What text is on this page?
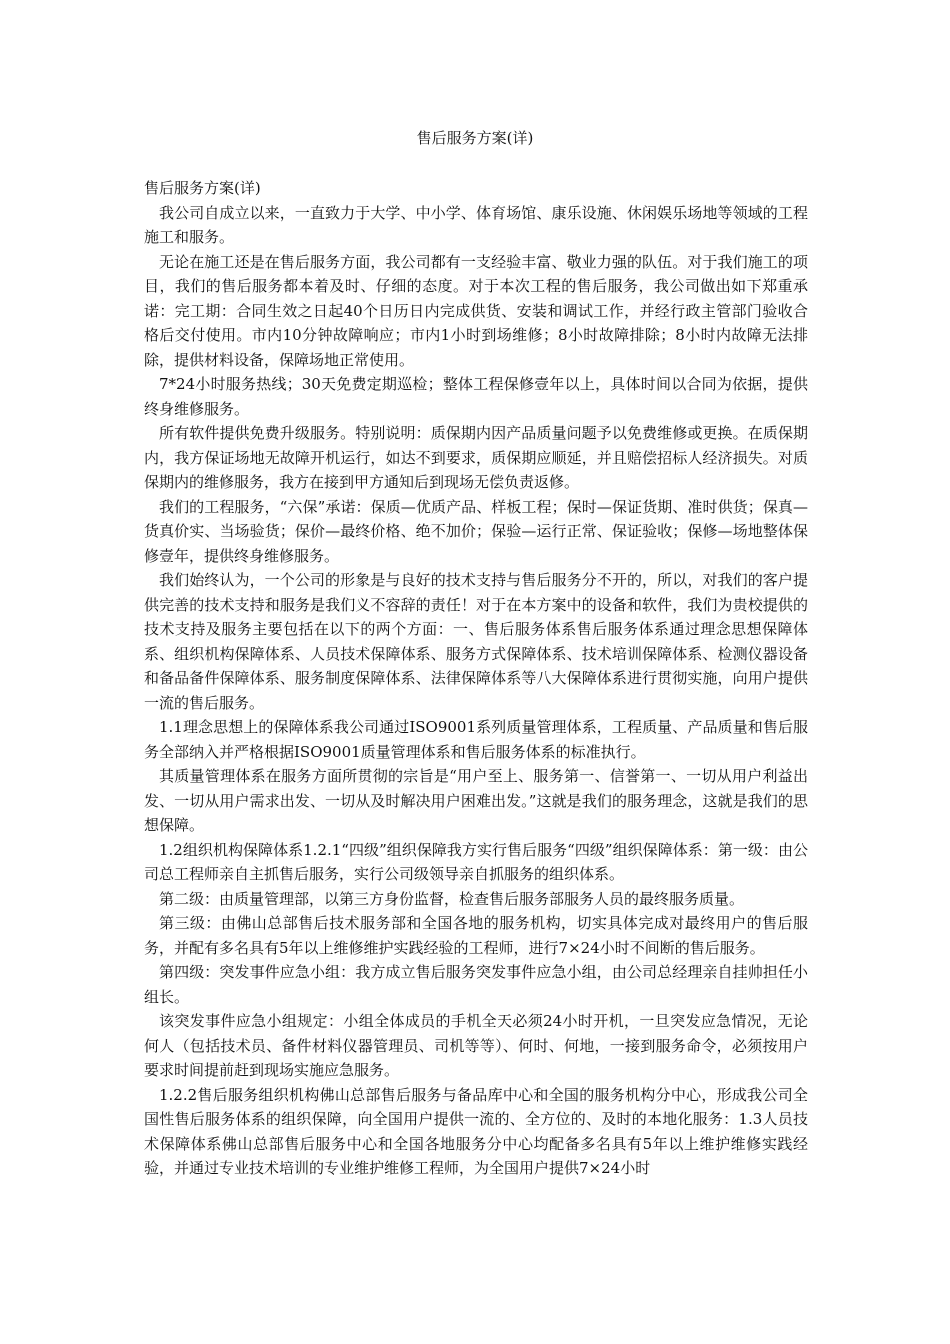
售后服务方案(详)

售后服务方案(详)

我公司自成立以来，一直致力于大学、中小学、体育场馆、康乐设施、休闲娱乐场地等领域的工程施工和服务。

无论在施工还是在售后服务方面，我公司都有一支经验丰富、敬业力强的队伍。对于我们施工的项目，我们的售后服务都本着及时、仔细的态度。对于本次工程的售后服务，我公司做出如下郑重承诺：完工期：合同生效之日起40个日历日内完成供货、安装和调试工作，并经行政主管部门验收合格后交付使用。市内10分钟故障响应；市内1小时到场维修；8小时故障排除；8小时内故障无法排除，提供材料设备，保障场地正常使用。

7*24小时服务热线；30天免费定期巡检；整体工程保修壹年以上，具体时间以合同为依据，提供终身维修服务。

所有软件提供免费升级服务。特别说明：质保期内因产品质量问题予以免费维修或更换。在质保期内，我方保证场地无故障开机运行，如达不到要求，质保期应顺延，并且赔偿招标人经济损失。对质保期内的维修服务，我方在接到甲方通知后到现场无偿负责返修。

我们的工程服务，“六保”承诺：保质—优质产品、样板工程；保时—保证货期、准时供货；保真—货真价实、当场验货；保价—最终价格、绝不加价；保验—运行正常、保证验收；保修—场地整体保修壹年，提供终身维修服务。

我们始终认为，一个公司的形象是与良好的技术支持与售后服务分不开的，所以，对我们的客户提供完善的技术支持和服务是我们义不容辞的责任！对于在本方案中的设备和软件，我们为贵校提供的技术支持及服务主要包括在以下的两个方面：一、售后服务体系售后服务体系通过理念思想保障体系、组织机构保障体系、人员技术保障体系、服务方式保障体系、技术培训保障体系、检测仪器设备和备品备件保障体系、服务制度保障体系、法律保障体系等八大保障体系进行贯彻实施，向用户提供一流的售后服务。

1.1理念思想上的保障体系我公司通过ISO9001系列质量管理体系，工程质量、产品质量和售后服务全部纳入并严格根据ISO9001质量管理体系和售后服务体系的标准执行。

其质量管理体系在服务方面所贯彻的宗旨是“用户至上、服务第一、信誉第一、一切从用户利益出发、一切从用户需求出发、一切从及时解决用户困难出发。”这就是我们的服务理念，这就是我们的思想保障。

1.2组织机构保障体系1.2.1“四级”组织保障我方实行售后服务“四级”组织保障体系：第一级：由公司总工程师亲自主抓售后服务，实行公司级领导亲自抓服务的组织体系。

第二级：由质量管理部，以第三方身份监督，检查售后服务部服务人员的最终服务质量。

第三级：由佛山总部售后技术服务部和全国各地的服务机构，切实具体完成对最终用户的售后服务，并配有多名具有5年以上维修维护实践经验的工程师，进行7×24小时不间断的售后服务。

第四级：突发事件应急小组：我方成立售后服务突发事件应急小组，由公司总经理亲自挂帅担任小组长。

该突发事件应急小组规定：小组全体成员的手机全天必须24小时开机，一旦突发应急情况，无论何人（包括技术员、备件材料仪器管理员、司机等等）、何时、何地，一接到服务命令，必须按用户要求时间提前赶到现场实施应急服务。

1.2.2售后服务组织机构佛山总部售后服务与备品库中心和全国的服务机构分中心，形成我公司全国性售后服务体系的组织保障，向全国用户提供一流的、全方位的、及时的本地化服务：1.3人员技术保障体系佛山总部售后服务中心和全国各地服务分中心均配备多名具有5年以上维护维修实践经验，并通过专业技术培训的专业维护维修工程师，为全国用户提供7×24小时
